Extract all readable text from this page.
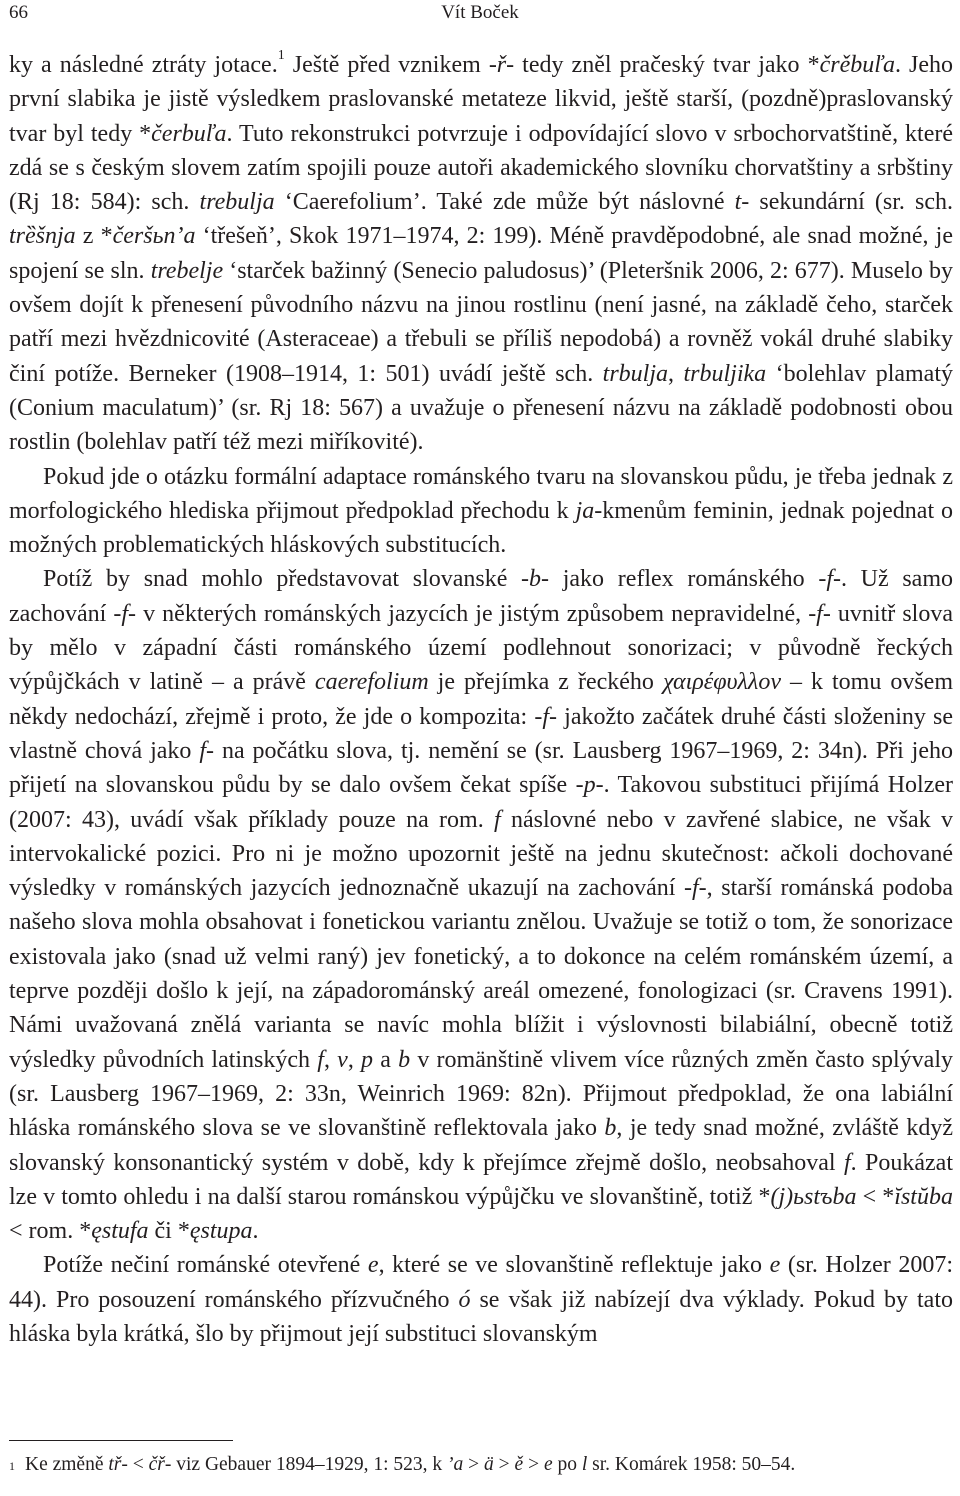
66	Vít Boček

ky a následné ztráty jotace.$^1$ Ještě před vznikem -ř- tedy zněl pračeský tvar jako *črěbuľa. Jeho první slabika je jistě výsledkem praslovanské metateze likvid, ještě starší, (pozdně)praslovanský tvar byl tedy *čerbuľa. Tuto rekonstrukci potvrzuje i odpovídající slovo v srbochorvatštině, které zdá se s českým slovem zatím spojili pouze autoři akademického slovníku chorvatštiny a srbštiny (Rj 18: 584): sch. trebulja ‘Caerefolium’. Také zde může být náslovné t- sekundární (sr. sch. trȅšnja z *čeršьnʼa ‘třešeň’, Skok 1971–1974, 2: 199). Méně pravděpodobné, ale snad možné, je spojení se sln. trebelje ‘starček bažinný (Senecio paludosus)’ (Pleteršnik 2006, 2: 677). Muselo by ovšem dojít k přenesení původního názvu na jinou rostlinu (není jasné, na základě čeho, starček patří mezi hvězdnicovité (Asteraceae) a třebuli se příliš nepodobá) a rovněž vokál druhé slabiky činí potíže. Berneker (1908–1914, 1: 501) uvádí ještě sch. trbulja, trbuljika ‘bolehlav plamatý (Conium maculatum)’ (sr. Rj 18: 567) a uvažuje o přenesení názvu na základě podobnosti obou rostlin (bolehlav patří též mezi miříkovité).

Pokud jde o otázku formální adaptace románského tvaru na slovanskou půdu, je třeba jednak z morfologického hlediska přijmout předpoklad přechodu k ja-kmenům feminin, jednak pojednat o možných problematických hláskových substitucích.

Potíž by snad mohlo představovat slovanské -b- jako reflex románského -f-. Už samo zachování -f- v některých románských jazycích je jistým způsobem nepravidelné, -f- uvnitř slova by mělo v západní části románského území podlehnout sonorizaci; v původně řeckých výpůjčkách v latině – a právě caerefolium je přejímka z řeckého χαιρέφυλλον – k tomu ovšem někdy nedochází, zřejmě i proto, že jde o kompozita: -f- jakožto začátek druhé části složeniny se vlastně chová jako f- na počátku slova, tj. nemění se (sr. Lausberg 1967–1969, 2: 34n). Při jeho přijetí na slovanskou půdu by se dalo ovšem čekat spíše -p-. Takovou substituci přijímá Holzer (2007: 43), uvádí však příklady pouze na rom. f náslovné nebo v zavřené slabice, ne však v intervokalické pozici. Pro ni je možno upozornit ještě na jednu skutečnost: ačkoli dochované výsledky v románských jazycích jednoznačně ukazují na zachování -f-, starší románská podoba našeho slova mohla obsahovat i fonetickou variantu znělou. Uvažuje se totiž o tom, že sonorizace existovala jako (snad už velmi raný) jev fonetický, a to dokonce na celém románském území, a teprve později došlo k její, na západorománský areál omezené, fonologizaci (sr. Cravens 1991). Námi uvažovaná znělá varianta se navíc mohla blížit i výslovnosti bilabiální, obecně totiž výsledky původních latinských f, v, p a b v romänštině vlivem více různých změn často splývaly (sr. Lausberg 1967–1969, 2: 33n, Weinrich 1969: 82n). Přijmout předpoklad, že ona labiální hláska románského slova se ve slovanštině reflektovala jako b, je tedy snad možné, zvláště když slovanský konsonantický systém v době, kdy k přejímce zřejmě došlo, neobsahoval f. Poukázat lze v tomto ohledu i na další starou románskou výpůjčku ve slovanštině, totiž *(j)ьstъba < *ĭstŭba < rom. *ęstufa či *ęstupa.

Potíže nečiní románské otevřené e, které se ve slovanštině reflektuje jako e (sr. Holzer 2007: 44). Pro posouzení románského přízvučného ó se však již nabízejí dva výklady. Pokud by tato hláska byla krátká, šlo by přijmout její substituci slovanským

$^1$ Ke změně tř- < čř- viz Gebauer 1894–1929, 1: 523, k ’a > ä > ě > e po l sr. Komárek 1958: 50–54.
